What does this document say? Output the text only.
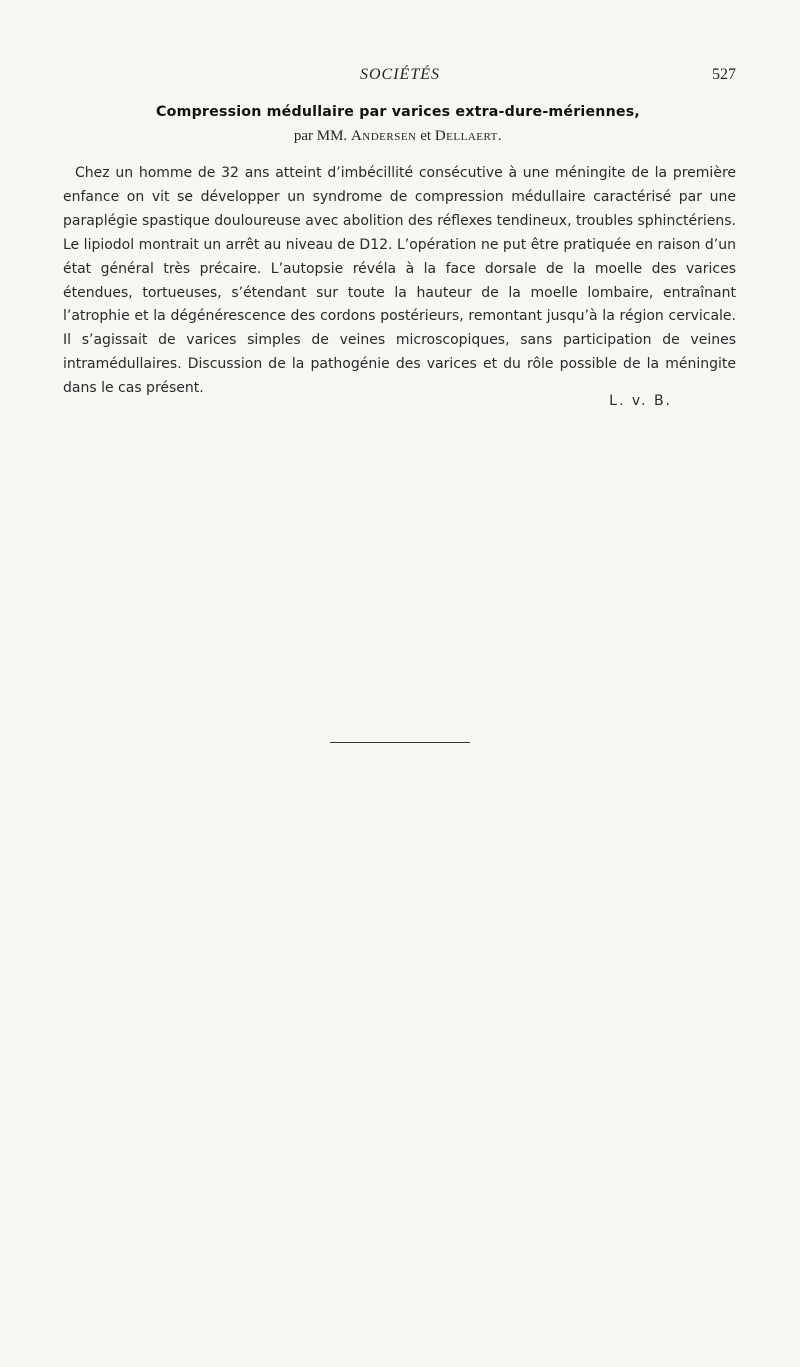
SOCIÉTÉS	527
Compression médullaire par varices extra-dure-mériennes,
par MM. Andersen et Dellaert.

Chez un homme de 32 ans atteint d’imbécillité consécutive à une méningite de la première enfance on vit se développer un syndrome de compression médullaire caractérisé par une paraplégie spastique douloureuse avec abolition des réflexes tendineux, troubles sphinctériens. Le lipiodol montrait un arrêt au niveau de D12. L’opération ne put être pratiquée en raison d’un état général très précaire. L’autopsie révéla à la face dorsale de la moelle des varices étendues, tortueuses, s’étendant sur toute la hauteur de la moelle lombaire, entraînant l’atrophie et la dégénérescence des cordons postérieurs, remontant jusqu’à la région cervicale. Il s’agissait de varices simples de veines microscopiques, sans participation de veines intramédullaires. Discussion de la pathogénie des varices et du rôle possible de la méningite dans le cas présent.

L. v. B.
